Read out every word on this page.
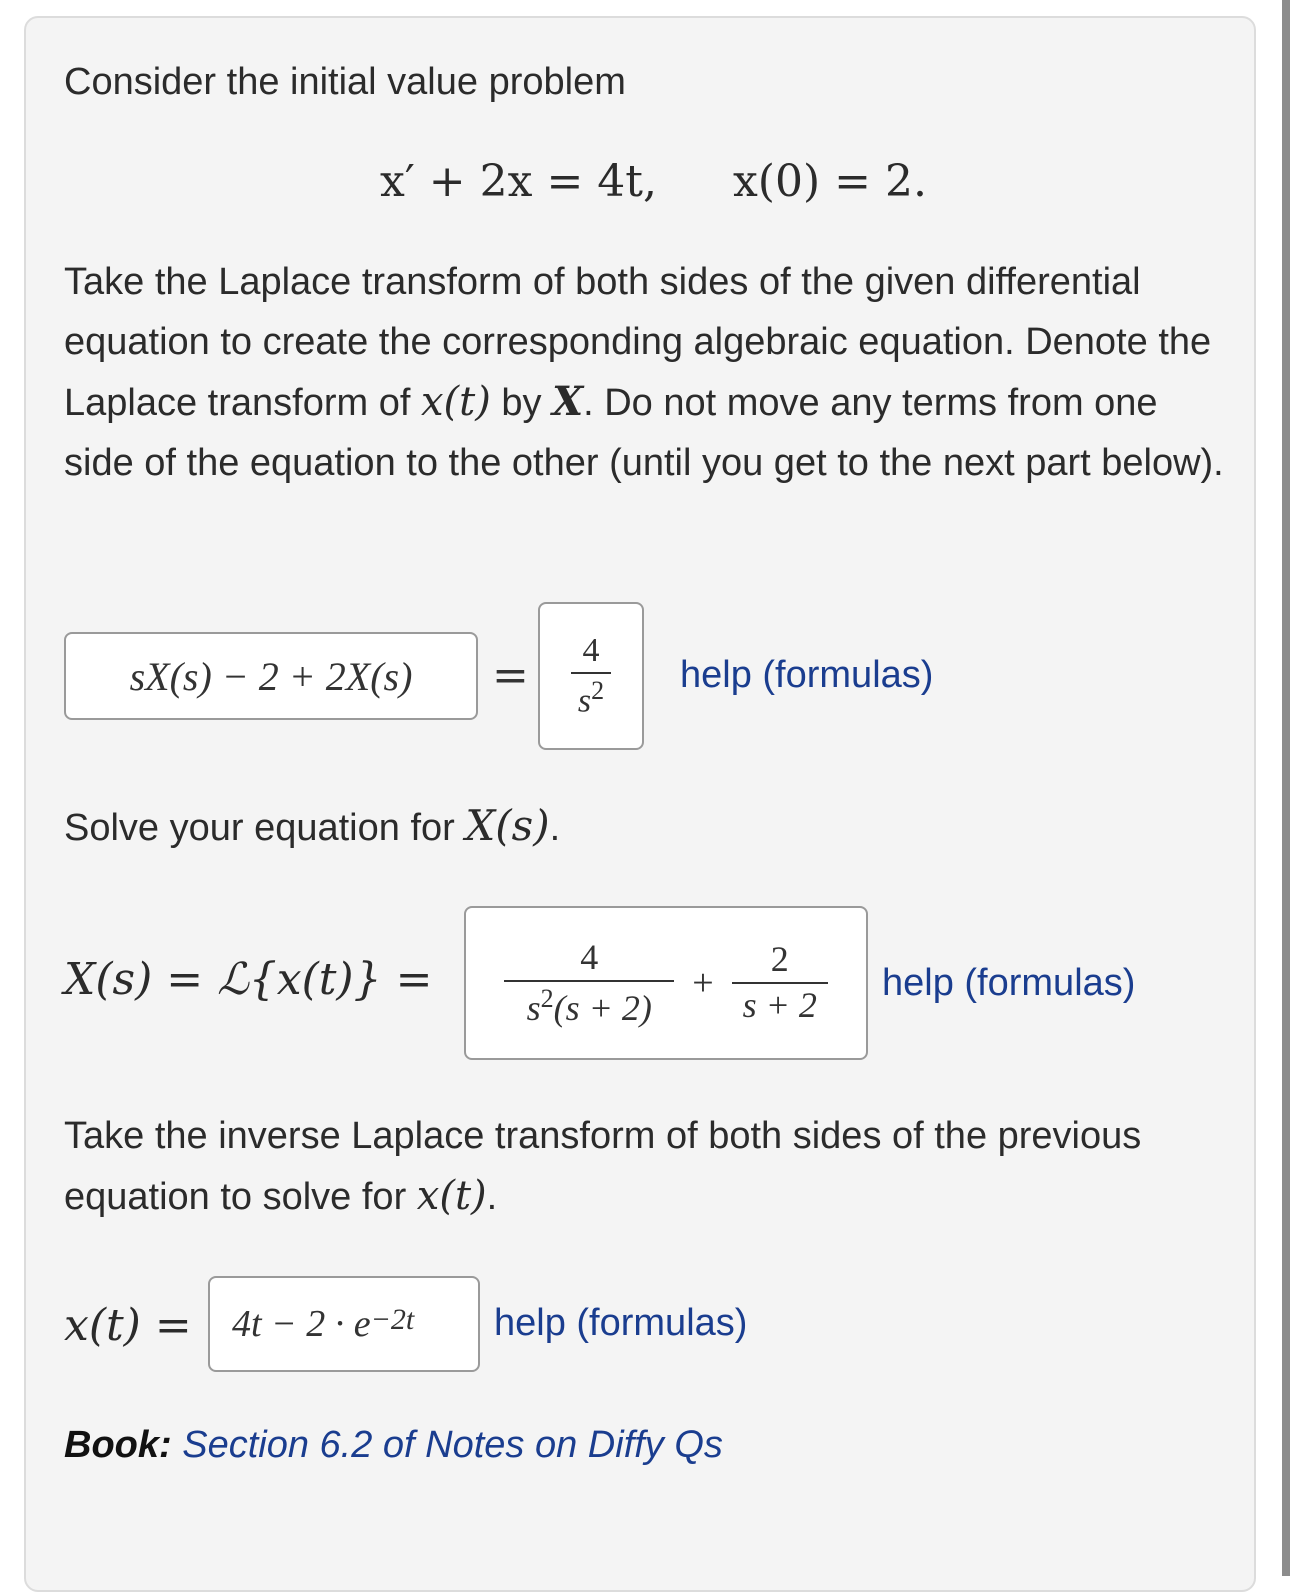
Consider the initial value problem

x′ + 2x = 4t, x(0) = 2.

Take the Laplace transform of both sides of the given differential equation to create the corresponding algebraic equation. Denote the Laplace transform of x(t) by X. Do not move any terms from one side of the equation to the other (until you get to the next part below).

$sX(s) - 2 + 2X(s) = \frac{4}{s^2}$ help (formulas)

Solve your equation for X(s).

X(s) = ℒ{x(t)} = $\frac{4}{s^2(s + 2)} + \frac{2}{s + 2}$ help (formulas)

Take the inverse Laplace transform of both sides of the previous equation to solve for x(t).

$x(t) = 4t - 2 \cdot e^{-2t}$ help (formulas)
Book: Section 6.2 of Notes on Diffy Qs
